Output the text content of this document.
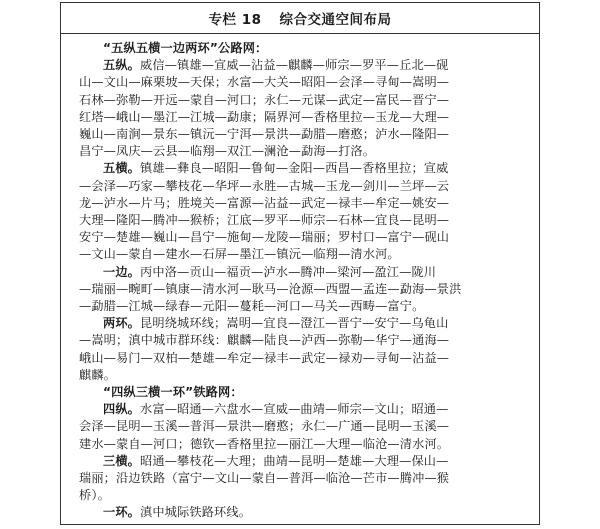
专栏 18 综合交通空间布局
“五纵五横一边两环”公路网：
五纵。威信—镇雄—宣威—沾益—麒麟—师宗—罗平—丘北—砚
山—文山—麻栗坡—天保；水富—大关—昭阳—会泽—寻甸—嵩明—
石林—弥勒—开远—蒙自—河口；永仁—元谋—武定—富民—晋宁—
红塔—峨山—墨江—江城—勐康；隔界河—香格里拉—玉龙—大理—
巍山—南涧—景东—镇沅—宁洱—景洪—勐腊—磨憨；泸水—隆阳—
昌宁—凤庆—云县—临翔—双江—澜沧—勐海—打洛。
五横。镇雄—彝良—昭阳—鲁甸—金阳—西昌—香格里拉；宣威
—会泽—巧家—攀枝花—华坪—永胜—古城—玉龙—剑川—兰坪—云
龙—泸水—片马；胜境关—富源—沾益—武定—禄丰—牟定—姚安—
大理—隆阳—腾冲—猴桥；江底—罗平—师宗—石林—宜良—昆明—
安宁—楚雄—巍山—昌宁—施甸—龙陵—瑞丽；罗村口—富宁—砚山
—文山—蒙自—建水—石屏—墨江—镇沅—临翔—清水河。
一边。丙中洛—贡山—福贡—泸水—腾冲—梁河—盈江—陇川
—瑞丽—畹町—镇康—清水河—耿马—沧源—西盟—孟连—勐海—景洪
—勐腊—江城—绿春—元阳—蔓耗—河口—马关—西畴—富宁。
两环。昆明绕城环线；嵩明—宜良—澄江—晋宁—安宁—乌龟山
—嵩明；滇中城市群环线：麒麟—陆良—泸西—弥勒—华宁—通海—
峨山—易门—双柏—楚雄—牟定—禄丰—武定—禄劝—寻甸—沾益—
麒麟。
“四纵三横一环”铁路网：
四纵。水富—昭通—六盘水—宣威—曲靖—师宗—文山；昭通—
会泽—昆明—玉溪—普洱—景洪—磨憨；永仁—广通—昆明—玉溪—
建水—蒙自—河口；德钦—香格里拉—丽江—大理—临沧—清水河。
三横。昭通—攀枝花—大理；曲靖—昆明—楚雄—大理—保山—
瑞丽；沿边铁路（富宁—文山—蒙自—普洱—临沧—芒市—腾冲—猴
桥）。
一环。滇中城际铁路环线。
